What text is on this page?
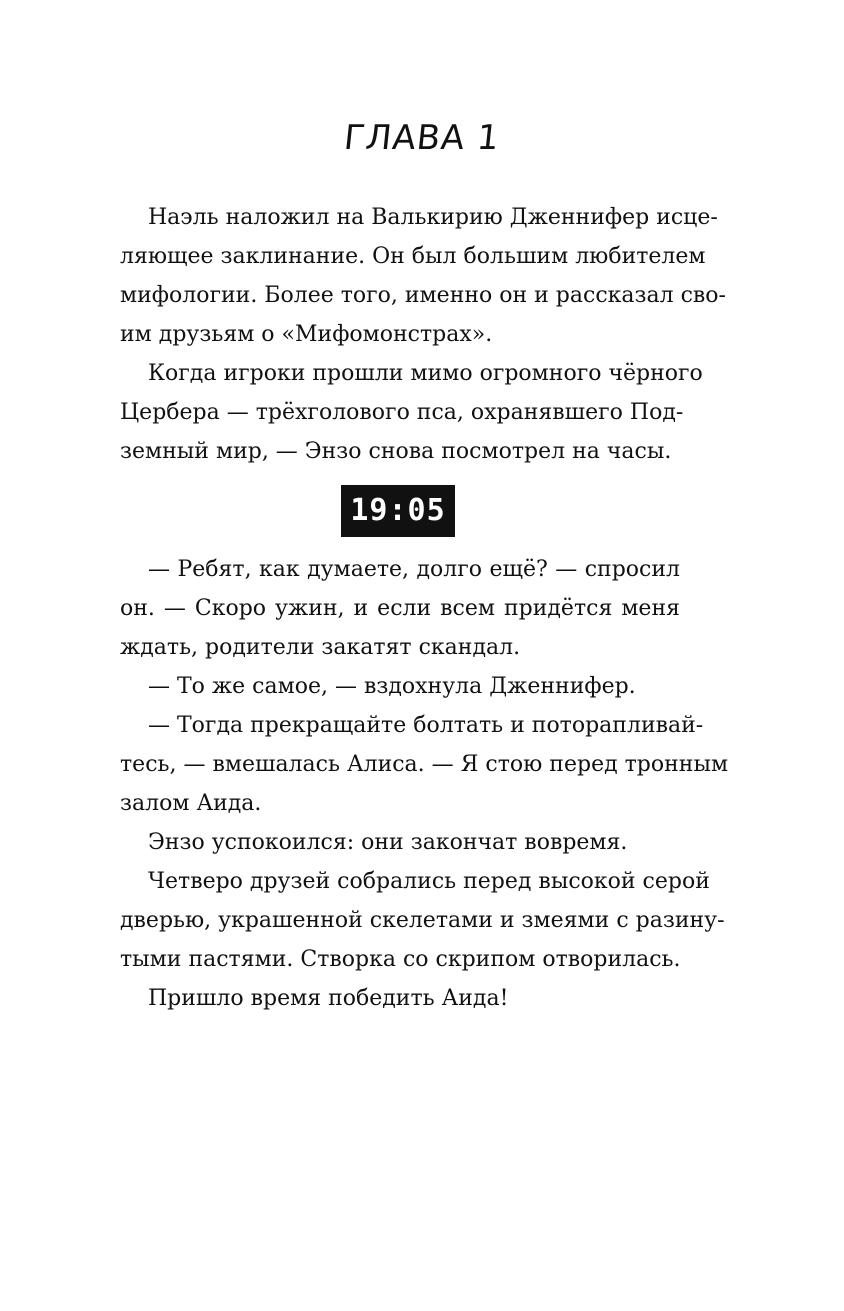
ГЛАВА 1
Наэль наложил на Валькирию Дженнифер исце-
ляющее заклинание. Он был большим любителем
мифологии. Более того, именно он и рассказал сво-
им друзьям о «Мифомонстрах».
Когда игроки прошли мимо огромного чёрного
Цербера — трёхголового пса, охранявшего Под-
земный мир, — Энзо снова посмотрел на часы.
19:05
— Ребят, как думаете, долго ещё? — спросил
он. — Скоро ужин, и если всем придётся меня
ждать, родители закатят скандал.
— То же самое, — вздохнула Дженнифер.
— Тогда прекращайте болтать и поторапливай-
тесь, — вмешалась Алиса. — Я стою перед тронным
залом Аида.
Энзо успокоился: они закончат вовремя.
Четверо друзей собрались перед высокой серой
дверью, украшенной скелетами и змеями с разину-
тыми пастями. Створка со скрипом отворилась.
Пришло время победить Аида!
